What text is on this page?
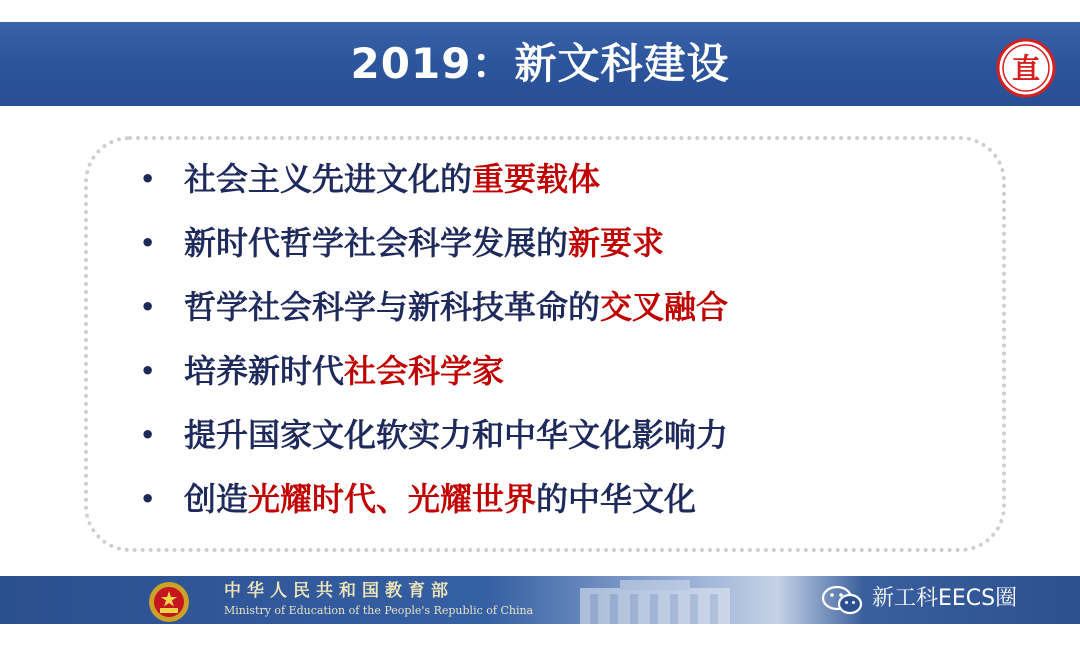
2019：新文科建设	直
• 社会主义先进文化的重要载体
• 新时代哲学社会科学发展的新要求
• 哲学社会科学与新科技革命的交叉融合
• 培养新时代社会科学家
• 提升国家文化软实力和中华文化影响力
• 创造光耀时代、光耀世界的中华文化
中华人民共和国教育部
Ministry of Education of the People's Republic of China	新工科EECS圈
